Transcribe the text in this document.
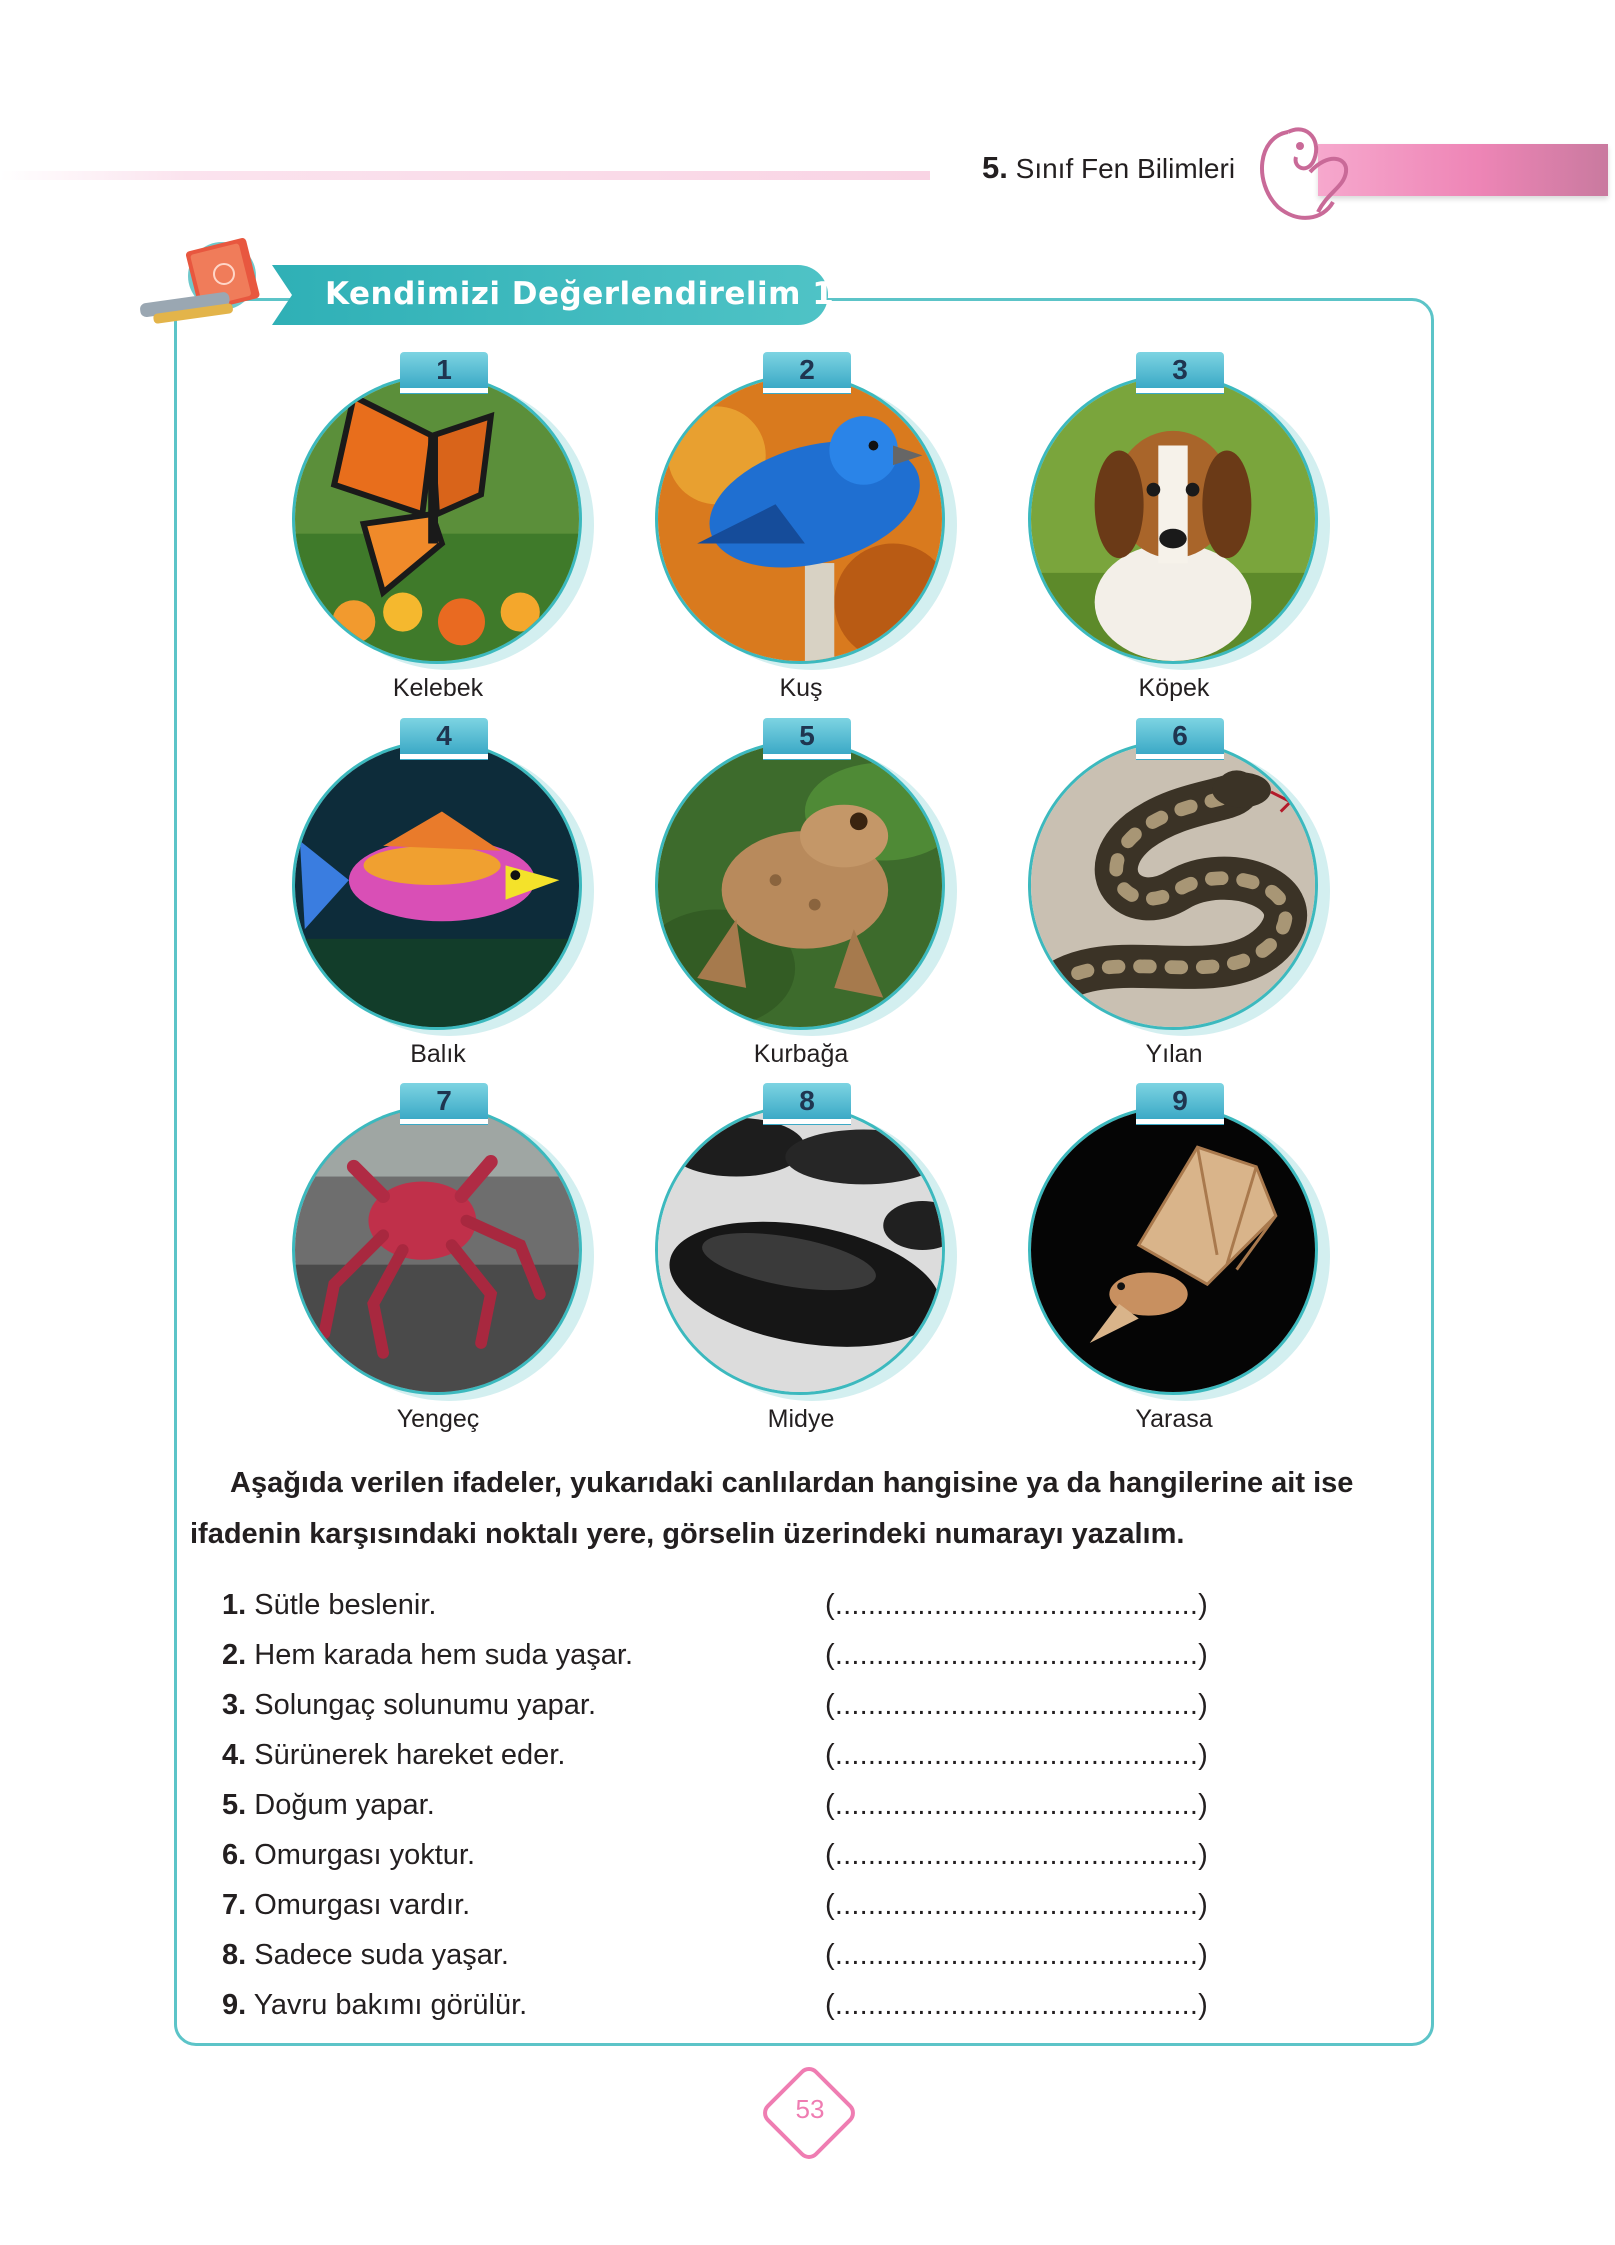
5. Sınıf Fen Bilimleri
Kendimizi Değerlendirelim 1
1
Kelebek
2
Kuş
3
Köpek
4
Balık
5
Kurbağa
6
Yılan
7
Yengeç
8
Midye
9
Yarasa
Aşağıda verilen ifadeler, yukarıdaki canlılardan hangisine ya da hangilerine ait ise
ifadenin karşısındaki noktalı yere, görselin üzerindeki numarayı yazalım.
1. Sütle beslenir.	(............................................)
2. Hem karada hem suda yaşar.	(............................................)
3. Solungaç solunumu yapar.	(............................................)
4. Sürünerek hareket eder.	(............................................)
5. Doğum yapar.	(............................................)
6. Omurgası yoktur.	(............................................)
7. Omurgası vardır.	(............................................)
8. Sadece suda yaşar.	(............................................)
9. Yavru bakımı görülür.	(............................................)
53
